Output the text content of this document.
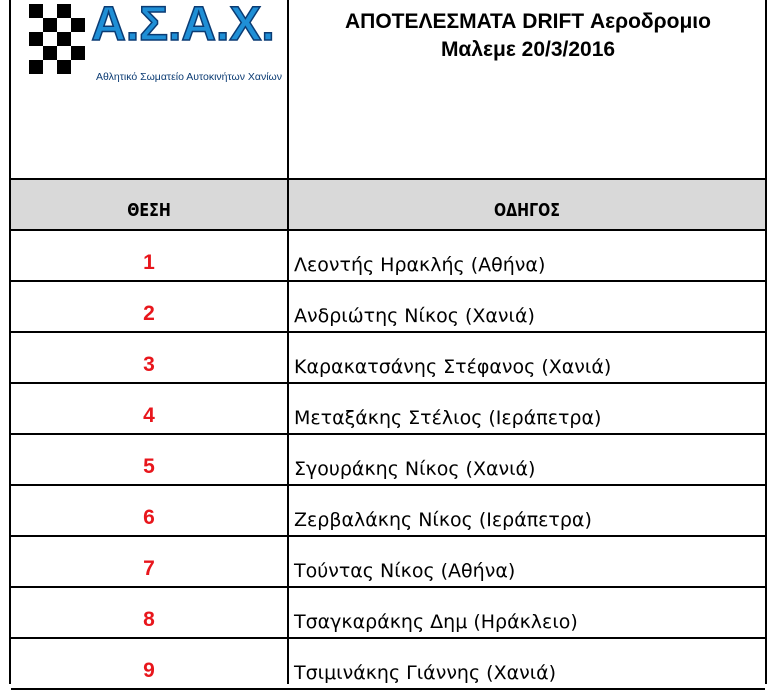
Α.Σ.Α.Χ.
Αθλητικό Σωματείο Αυτοκινήτων Χανίων
ΑΠΟΤΕΛΕΣΜΑΤΑ DRIFT Αεροδρομιο
Μαλεμε 20/3/2016
ΘΕΣΗ	ΟΔΗΓΟΣ
1	Λεοντής Ηρακλής (Αθήνα)
2	Ανδριώτης Νίκος (Χανιά)
3	Καρακατσάνης Στέφανος (Χανιά)
4	Μεταξάκης Στέλιος (Ιεράπετρα)
5	Σγουράκης Νίκος (Χανιά)
6	Ζερβαλάκης Νίκος (Ιεράπετρα)
7	Τούντας Νίκος (Αθήνα)
8	Τσαγκαράκης Δημ (Ηράκλειο)
9	Τσιμινάκης Γιάννης (Χανιά)
